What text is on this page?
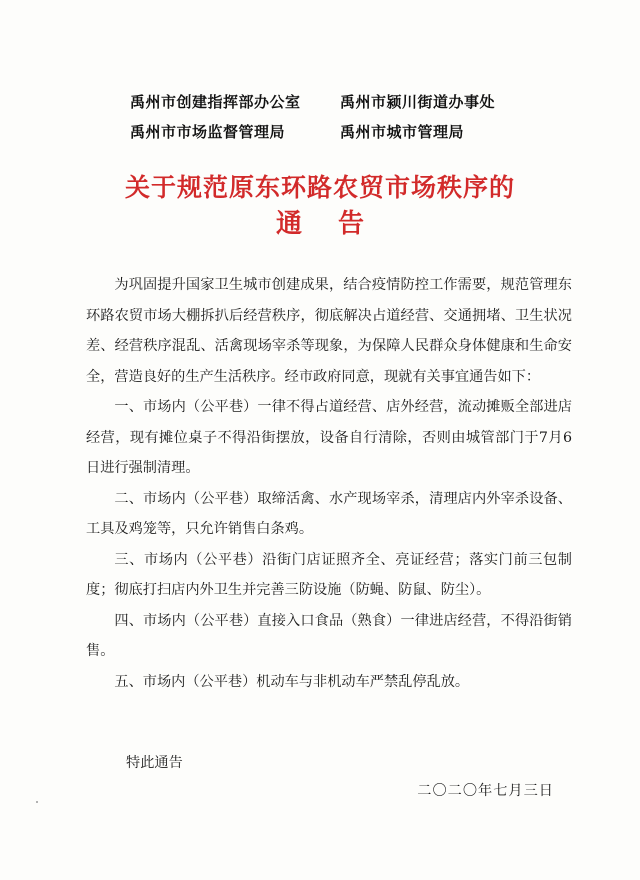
禹州市创建指挥部办公室	禹州市颍川街道办事处
禹州市市场监督管理局	禹州市城市管理局
关于规范原东环路农贸市场秩序的
通告

为巩固提升国家卫生城市创建成果，结合疫情防控工作需要，规范管理东环路农贸市场大棚拆扒后经营秩序，彻底解决占道经营、交通拥堵、卫生状况差、经营秩序混乱、活禽现场宰杀等现象，为保障人民群众身体健康和生命安全，营造良好的生产生活秩序。经市政府同意，现就有关事宜通告如下：

一、市场内（公平巷）一律不得占道经营、店外经营，流动摊贩全部进店经营，现有摊位桌子不得沿街摆放，设备自行清除，否则由城管部门于7月6日进行强制清理。

二、市场内（公平巷）取缔活禽、水产现场宰杀，清理店内外宰杀设备、工具及鸡笼等，只允许销售白条鸡。

三、市场内（公平巷）沿街门店证照齐全、亮证经营；落实门前三包制度；彻底打扫店内外卫生并完善三防设施（防蝇、防鼠、防尘）。

四、市场内（公平巷）直接入口食品（熟食）一律进店经营，不得沿街销售。

五、市场内（公平巷）机动车与非机动车严禁乱停乱放。

特此通告
二〇二〇年七月三日
